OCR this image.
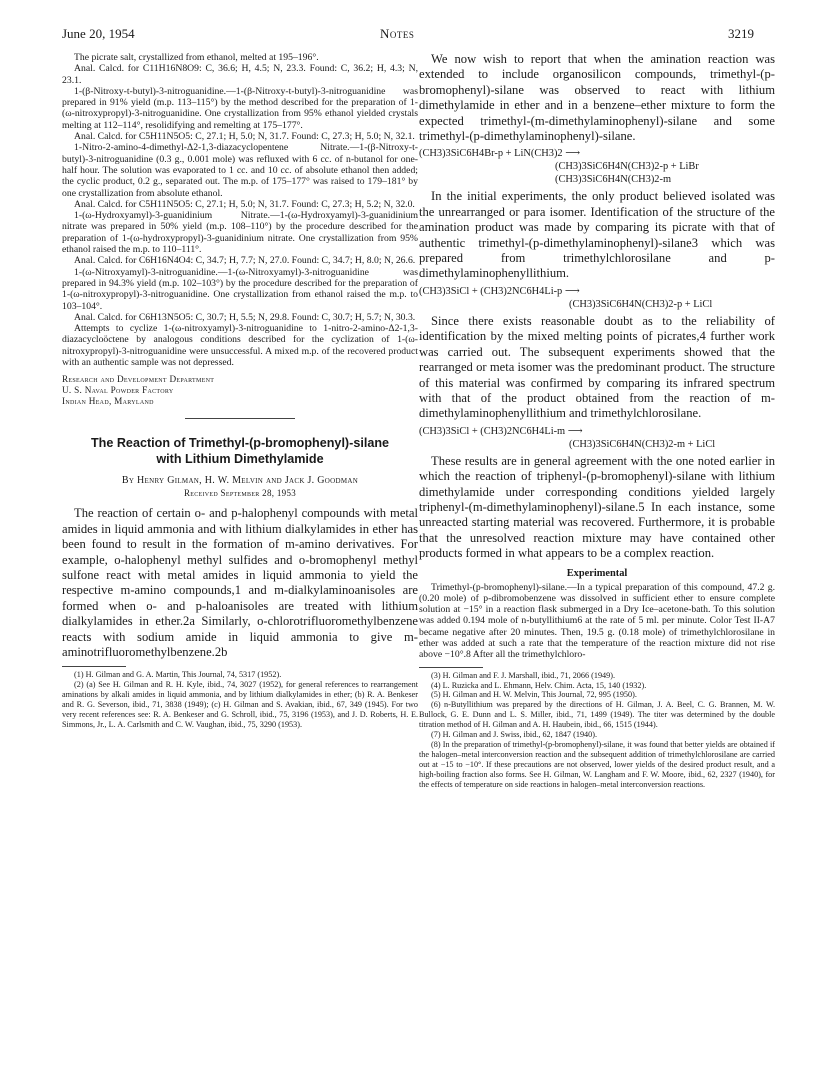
June 20, 1954	Notes	3219

The picrate salt, crystallized from ethanol, melted at 195–196°.

Anal. Calcd. for C11H16N8O9: C, 36.6; H, 4.5; N, 23.3. Found: C, 36.2; H, 4.3; N, 23.1.

1-(β-Nitroxy-t-butyl)-3-nitroguanidine.—1-(β-Nitroxy-t-butyl)-3-nitroguanidine was prepared in 91% yield (m.p. 113–115°) by the method described for the preparation of 1-(ω-nitroxypropyl)-3-nitroguanidine. One crystallization from 95% ethanol yielded crystals melting at 112–114°, resolidifying and remelting at 175–177°.

Anal. Calcd. for C5H11N5O5: C, 27.1; H, 5.0; N, 31.7. Found: C, 27.3; H, 5.0; N, 32.1.

1-Nitro-2-amino-4-dimethyl-Δ2-1,3-diazacyclopentene Nitrate.—1-(β-Nitroxy-t-butyl)-3-nitroguanidine (0.3 g., 0.001 mole) was refluxed with 6 cc. of n-butanol for one-half hour. The solution was evaporated to 1 cc. and 10 cc. of absolute ethanol then added; the cyclic product, 0.2 g., separated out. The m.p. of 175–177° was raised to 179–181° by one crystallization from absolute ethanol.

Anal. Calcd. for C5H11N5O5: C, 27.1; H, 5.0; N, 31.7. Found: C, 27.3; H, 5.2; N, 32.0.

1-(ω-Hydroxyamyl)-3-guanidinium Nitrate.—1-(ω-Hydroxyamyl)-3-guanidinium nitrate was prepared in 50% yield (m.p. 108–110°) by the procedure described for the preparation of 1-(ω-hydroxypropyl)-3-guanidinium nitrate. One crystallization from 95% ethanol raised the m.p. to 110–111°.

Anal. Calcd. for C6H16N4O4: C, 34.7; H, 7.7; N, 27.0. Found: C, 34.7; H, 8.0; N, 26.6.

1-(ω-Nitroxyamyl)-3-nitroguanidine.—1-(ω-Nitroxyamyl)-3-nitroguanidine was prepared in 94.3% yield (m.p. 102–103°) by the procedure described for the preparation of 1-(ω-nitroxypropyl)-3-nitroguanidine. One crystallization from ethanol raised the m.p. to 103–104°.

Anal. Calcd. for C6H13N5O5: C, 30.7; H, 5.5; N, 29.8. Found: C, 30.7; H, 5.7; N, 30.3.

Attempts to cyclize 1-(ω-nitroxyamyl)-3-nitroguanidine to 1-nitro-2-amino-Δ2-1,3-diazacycloöctene by analogous conditions described for the cyclization of 1-(ω-nitroxypropyl)-3-nitroguanidine were unsuccessful. A mixed m.p. of the recovered product with an authentic sample was not depressed.

Research and Development Department
U. S. Naval Powder Factory
Indian Head, Maryland
The Reaction of Trimethyl-(p-bromophenyl)-silane
with Lithium Dimethylamide
By Henry Gilman, H. W. Melvin and Jack J. Goodman
Received September 28, 1953

The reaction of certain o- and p-halophenyl compounds with metal amides in liquid ammonia and with lithium dialkylamides in ether has been found to result in the formation of m-amino derivatives. For example, o-halophenyl methyl sulfides and o-bromophenyl methyl sulfone react with metal amides in liquid ammonia to yield the respective m-amino compounds,1 and m-dialkylaminoanisoles are formed when o- and p-haloanisoles are treated with lithium dialkylamides in ether.2a Similarly, o-chlorotrifluoromethylbenzene reacts with sodium amide in liquid ammonia to give m-aminotrifluoromethylbenzene.2b

(1) H. Gilman and G. A. Martin, This Journal, 74, 5317 (1952).

(2) (a) See H. Gilman and R. H. Kyle, ibid., 74, 3027 (1952), for general references to rearrangement aminations by alkali amides in liquid ammonia, and by lithium dialkylamides in ether; (b) R. A. Benkeser and R. G. Severson, ibid., 71, 3838 (1949); (c) H. Gilman and S. Avakian, ibid., 67, 349 (1945). For two very recent references see: R. A. Benkeser and G. Schroll, ibid., 75, 3196 (1953), and J. D. Roberts, H. E. Simmons, Jr., L. A. Carlsmith and C. W. Vaughan, ibid., 75, 3290 (1953).

We now wish to report that when the amination reaction was extended to include organosilicon compounds, trimethyl-(p-bromophenyl)-silane was observed to react with lithium dimethylamide in ether and in a benzene–ether mixture to form the expected trimethyl-(m-dimethylaminophenyl)-silane and some trimethyl-(p-dimethylaminophenyl)-silane.

(CH3)3SiC6H4Br-p + LiN(CH3)2 ⟶
(CH3)3SiC6H4N(CH3)2-p + LiBr
(CH3)3SiC6H4N(CH3)2-m

In the initial experiments, the only product believed isolated was the unrearranged or para isomer. Identification of the structure of the amination product was made by comparing its picrate with that of authentic trimethyl-(p-dimethylaminophenyl)-silane3 which was prepared from trimethylchlorosilane and p-dimethylaminophenyllithium.

(CH3)3SiCl + (CH3)2NC6H4Li-p ⟶
(CH3)3SiC6H4N(CH3)2-p + LiCl

Since there exists reasonable doubt as to the reliability of identification by the mixed melting points of picrates,4 further work was carried out. The subsequent experiments showed that the rearranged or meta isomer was the predominant product. The structure of this material was confirmed by comparing its infrared spectrum with that of the product obtained from the reaction of m-dimethylaminophenyllithium and trimethylchlorosilane.

(CH3)3SiCl + (CH3)2NC6H4Li-m ⟶
(CH3)3SiC6H4N(CH3)2-m + LiCl

These results are in general agreement with the one noted earlier in which the reaction of triphenyl-(p-bromophenyl)-silane with lithium dimethylamide under corresponding conditions yielded largely triphenyl-(m-dimethylaminophenyl)-silane.5 In each instance, some unreacted starting material was recovered. Furthermore, it is probable that the unresolved reaction mixture may have contained other products formed in what appears to be a complex reaction.

Experimental

Trimethyl-(p-bromophenyl)-silane.—In a typical preparation of this compound, 47.2 g. (0.20 mole) of p-dibromobenzene was dissolved in sufficient ether to ensure complete solution at −15° in a reaction flask submerged in a Dry Ice–acetone-bath. To this solution was added 0.194 mole of n-butyllithium6 at the rate of 5 ml. per minute. Color Test II-A7 became negative after 20 minutes. Then, 19.5 g. (0.18 mole) of trimethylchlorosilane in ether was added at such a rate that the temperature of the reaction mixture did not rise above −10°.8 After all the trimethylchloro-

(3) H. Gilman and F. J. Marshall, ibid., 71, 2066 (1949).

(4) L. Ruzicka and L. Ehmann, Helv. Chim. Acta, 15, 140 (1932).

(5) H. Gilman and H. W. Melvin, This Journal, 72, 995 (1950).

(6) n-Butyllithium was prepared by the directions of H. Gilman, J. A. Beel, C. G. Brannen, M. W. Bullock, G. E. Dunn and L. S. Miller, ibid., 71, 1499 (1949). The titer was determined by the double titration method of H. Gilman and A. H. Haubein, ibid., 66, 1515 (1944).

(7) H. Gilman and J. Swiss, ibid., 62, 1847 (1940).

(8) In the preparation of trimethyl-(p-bromophenyl)-silane, it was found that better yields are obtained if the halogen–metal interconversion reaction and the subsequent addition of trimethylchlorosilane are carried out at −15 to −10°. If these precautions are not observed, lower yields of the desired product result, and a high-boiling fraction also forms. See H. Gilman, W. Langham and F. W. Moore, ibid., 62, 2327 (1940), for the effects of temperature on side reactions in halogen–metal interconversion reactions.
